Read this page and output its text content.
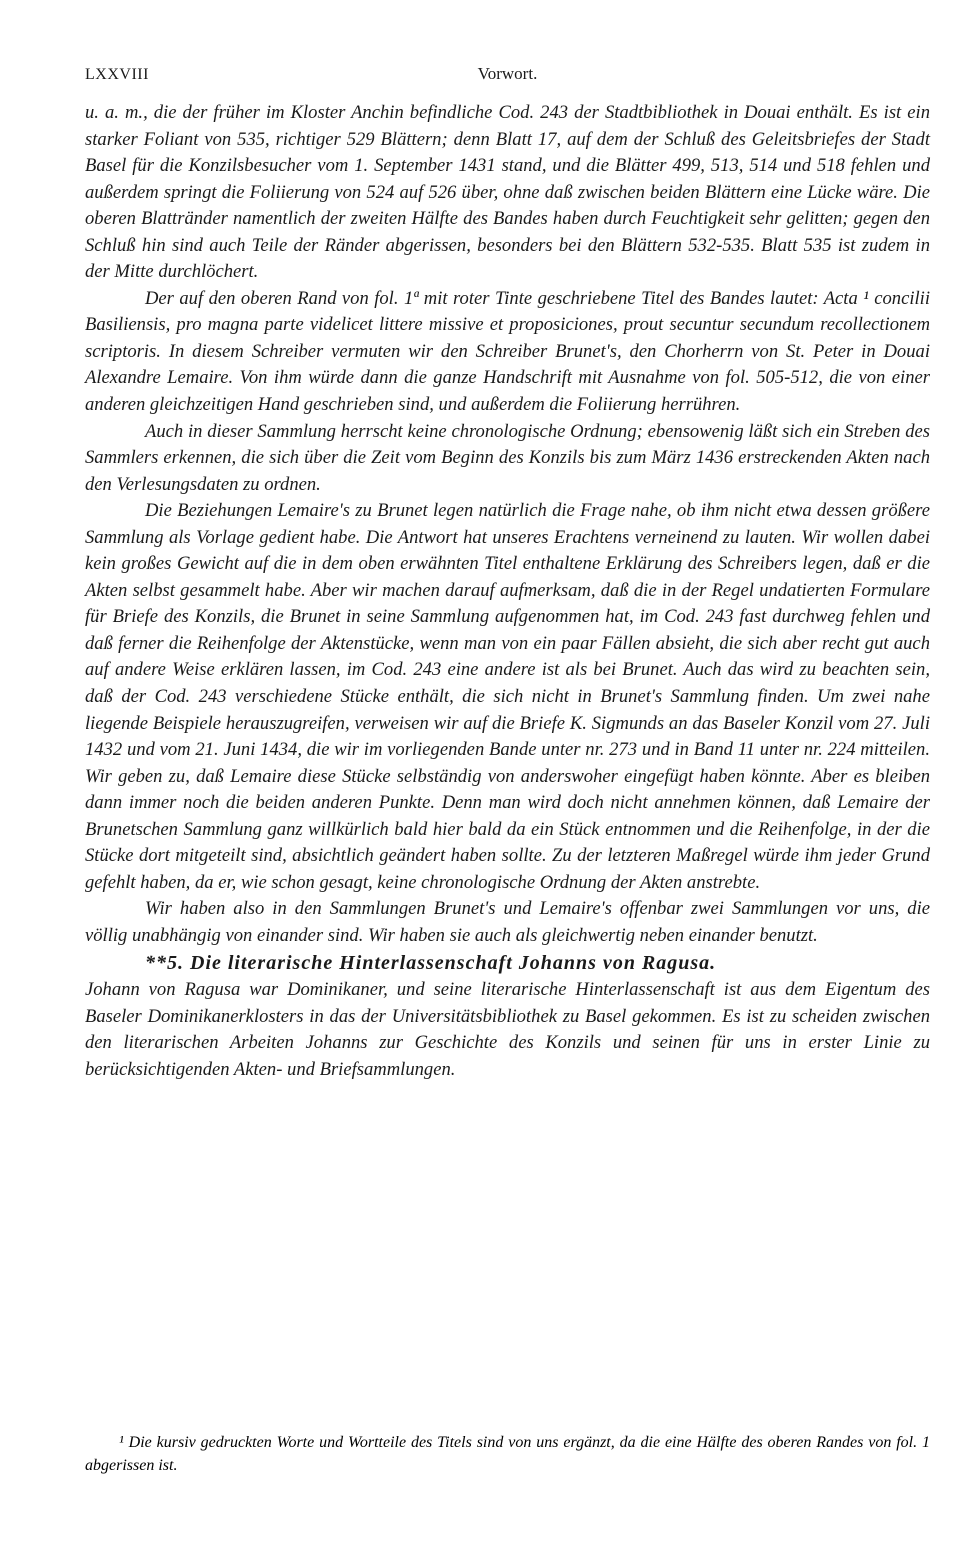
LXXVIII	Vorwort.

u. a. m., die der früher im Kloster Anchin befindliche Cod. 243 der Stadtbibliothek in Douai enthält. Es ist ein starker Foliant von 535, richtiger 529 Blättern; denn Blatt 17, auf dem der Schluß des Geleitsbriefes der Stadt Basel für die Konzilsbesucher vom 1. September 1431 stand, und die Blätter 499, 513, 514 und 518 fehlen und außerdem springt die Foliierung von 524 auf 526 über, ohne daß zwischen beiden Blättern eine Lücke wäre. Die oberen Blattränder namentlich der zweiten Hälfte des Bandes haben durch Feuchtigkeit sehr gelitten; gegen den Schluß hin sind auch Teile der Ränder abgerissen, besonders bei den Blättern 532-535. Blatt 535 ist zudem in der Mitte durchlöchert.

Der auf den oberen Rand von fol. 1ª mit roter Tinte geschriebene Titel des Bandes lautet: Acta ¹ concilii Basiliensis, pro magna parte videlicet littere missive et proposiciones, prout secuntur secundum recollectionem scriptoris. In diesem Schreiber vermuten wir den Schreiber Brunet's, den Chorherrn von St. Peter in Douai Alexandre Lemaire. Von ihm würde dann die ganze Handschrift mit Ausnahme von fol. 505-512, die von einer anderen gleichzeitigen Hand geschrieben sind, und außerdem die Foliierung herrühren.

Auch in dieser Sammlung herrscht keine chronologische Ordnung; ebensowenig läßt sich ein Streben des Sammlers erkennen, die sich über die Zeit vom Beginn des Konzils bis zum März 1436 erstreckenden Akten nach den Verlesungsdaten zu ordnen.

Die Beziehungen Lemaire's zu Brunet legen natürlich die Frage nahe, ob ihm nicht etwa dessen größere Sammlung als Vorlage gedient habe. Die Antwort hat unseres Erachtens verneinend zu lauten. Wir wollen dabei kein großes Gewicht auf die in dem oben erwähnten Titel enthaltene Erklärung des Schreibers legen, daß er die Akten selbst gesammelt habe. Aber wir machen darauf aufmerksam, daß die in der Regel undatierten Formulare für Briefe des Konzils, die Brunet in seine Sammlung aufgenommen hat, im Cod. 243 fast durchweg fehlen und daß ferner die Reihenfolge der Aktenstücke, wenn man von ein paar Fällen absieht, die sich aber recht gut auch auf andere Weise erklären lassen, im Cod. 243 eine andere ist als bei Brunet. Auch das wird zu beachten sein, daß der Cod. 243 verschiedene Stücke enthält, die sich nicht in Brunet's Sammlung finden. Um zwei nahe liegende Beispiele herauszugreifen, verweisen wir auf die Briefe K. Sigmunds an das Baseler Konzil vom 27. Juli 1432 und vom 21. Juni 1434, die wir im vorliegenden Bande unter nr. 273 und in Band 11 unter nr. 224 mitteilen. Wir geben zu, daß Lemaire diese Stücke selbständig von anderswoher eingefügt haben könnte. Aber es bleiben dann immer noch die beiden anderen Punkte. Denn man wird doch nicht annehmen können, daß Lemaire der Brunetschen Sammlung ganz willkürlich bald hier bald da ein Stück entnommen und die Reihenfolge, in der die Stücke dort mitgeteilt sind, absichtlich geändert haben sollte. Zu der letzteren Maßregel würde ihm jeder Grund gefehlt haben, da er, wie schon gesagt, keine chronologische Ordnung der Akten anstrebte.

Wir haben also in den Sammlungen Brunet's und Lemaire's offenbar zwei Sammlungen vor uns, die völlig unabhängig von einander sind. Wir haben sie auch als gleichwertig neben einander benutzt.

**5. Die literarische Hinterlassenschaft Johanns von Ragusa.

Johann von Ragusa war Dominikaner, und seine literarische Hinterlassenschaft ist aus dem Eigentum des Baseler Dominikanerklosters in das der Universitätsbibliothek zu Basel gekommen. Es ist zu scheiden zwischen den literarischen Arbeiten Johanns zur Geschichte des Konzils und seinen für uns in erster Linie zu berücksichtigenden Akten- und Briefsammlungen.

¹ Die kursiv gedruckten Worte und Wortteile des Titels sind von uns ergänzt, da die eine Hälfte des oberen Randes von fol. 1 abgerissen ist.
